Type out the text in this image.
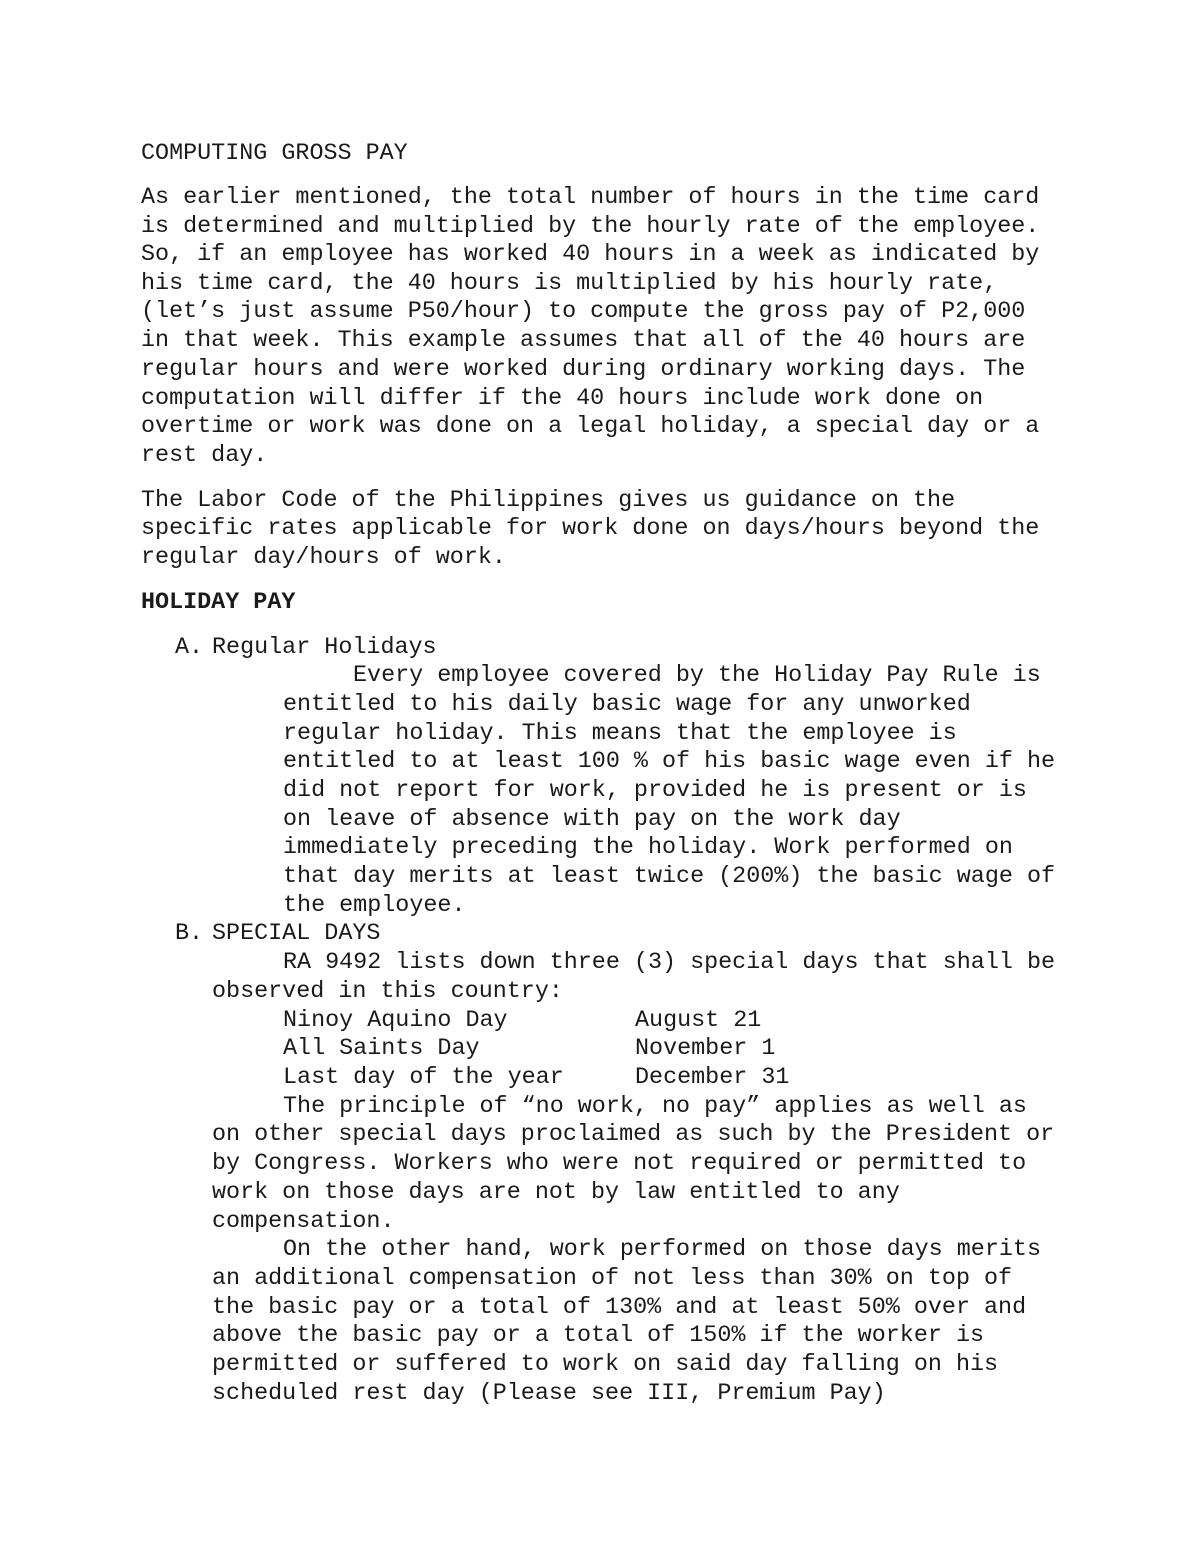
COMPUTING GROSS PAY
As earlier mentioned, the total number of hours in the time card
is determined and multiplied by the hourly rate of the employee.
So, if an employee has worked 40 hours in a week as indicated by
his time card, the 40 hours is multiplied by his hourly rate,
(let’s just assume P50/hour) to compute the gross pay of P2,000
in that week. This example assumes that all of the 40 hours are
regular hours and were worked during ordinary working days. The
computation will differ if the 40 hours include work done on
overtime or work was done on a legal holiday, a special day or a
rest day.
The Labor Code of the Philippines gives us guidance on the
specific rates applicable for work done on days/hours beyond the
regular day/hours of work.
HOLIDAY PAY
A. Regular Holidays
Every employee covered by the Holiday Pay Rule is
entitled to his daily basic wage for any unworked
regular holiday. This means that the employee is
entitled to at least 100 % of his basic wage even if he
did not report for work, provided he is present or is
on leave of absence with pay on the work day
immediately preceding the holiday. Work performed on
that day merits at least twice (200%) the basic wage of
the employee.
B. SPECIAL DAYS
RA 9492 lists down three (3) special days that shall be
observed in this country:
Ninoy Aquino Day	August 21
All Saints Day	November 1
Last day of the year	December 31
The principle of “no work, no pay” applies as well as
on other special days proclaimed as such by the President or
by Congress. Workers who were not required or permitted to
work on those days are not by law entitled to any
compensation.
On the other hand, work performed on those days merits
an additional compensation of not less than 30% on top of
the basic pay or a total of 130% and at least 50% over and
above the basic pay or a total of 150% if the worker is
permitted or suffered to work on said day falling on his
scheduled rest day (Please see III, Premium Pay)
